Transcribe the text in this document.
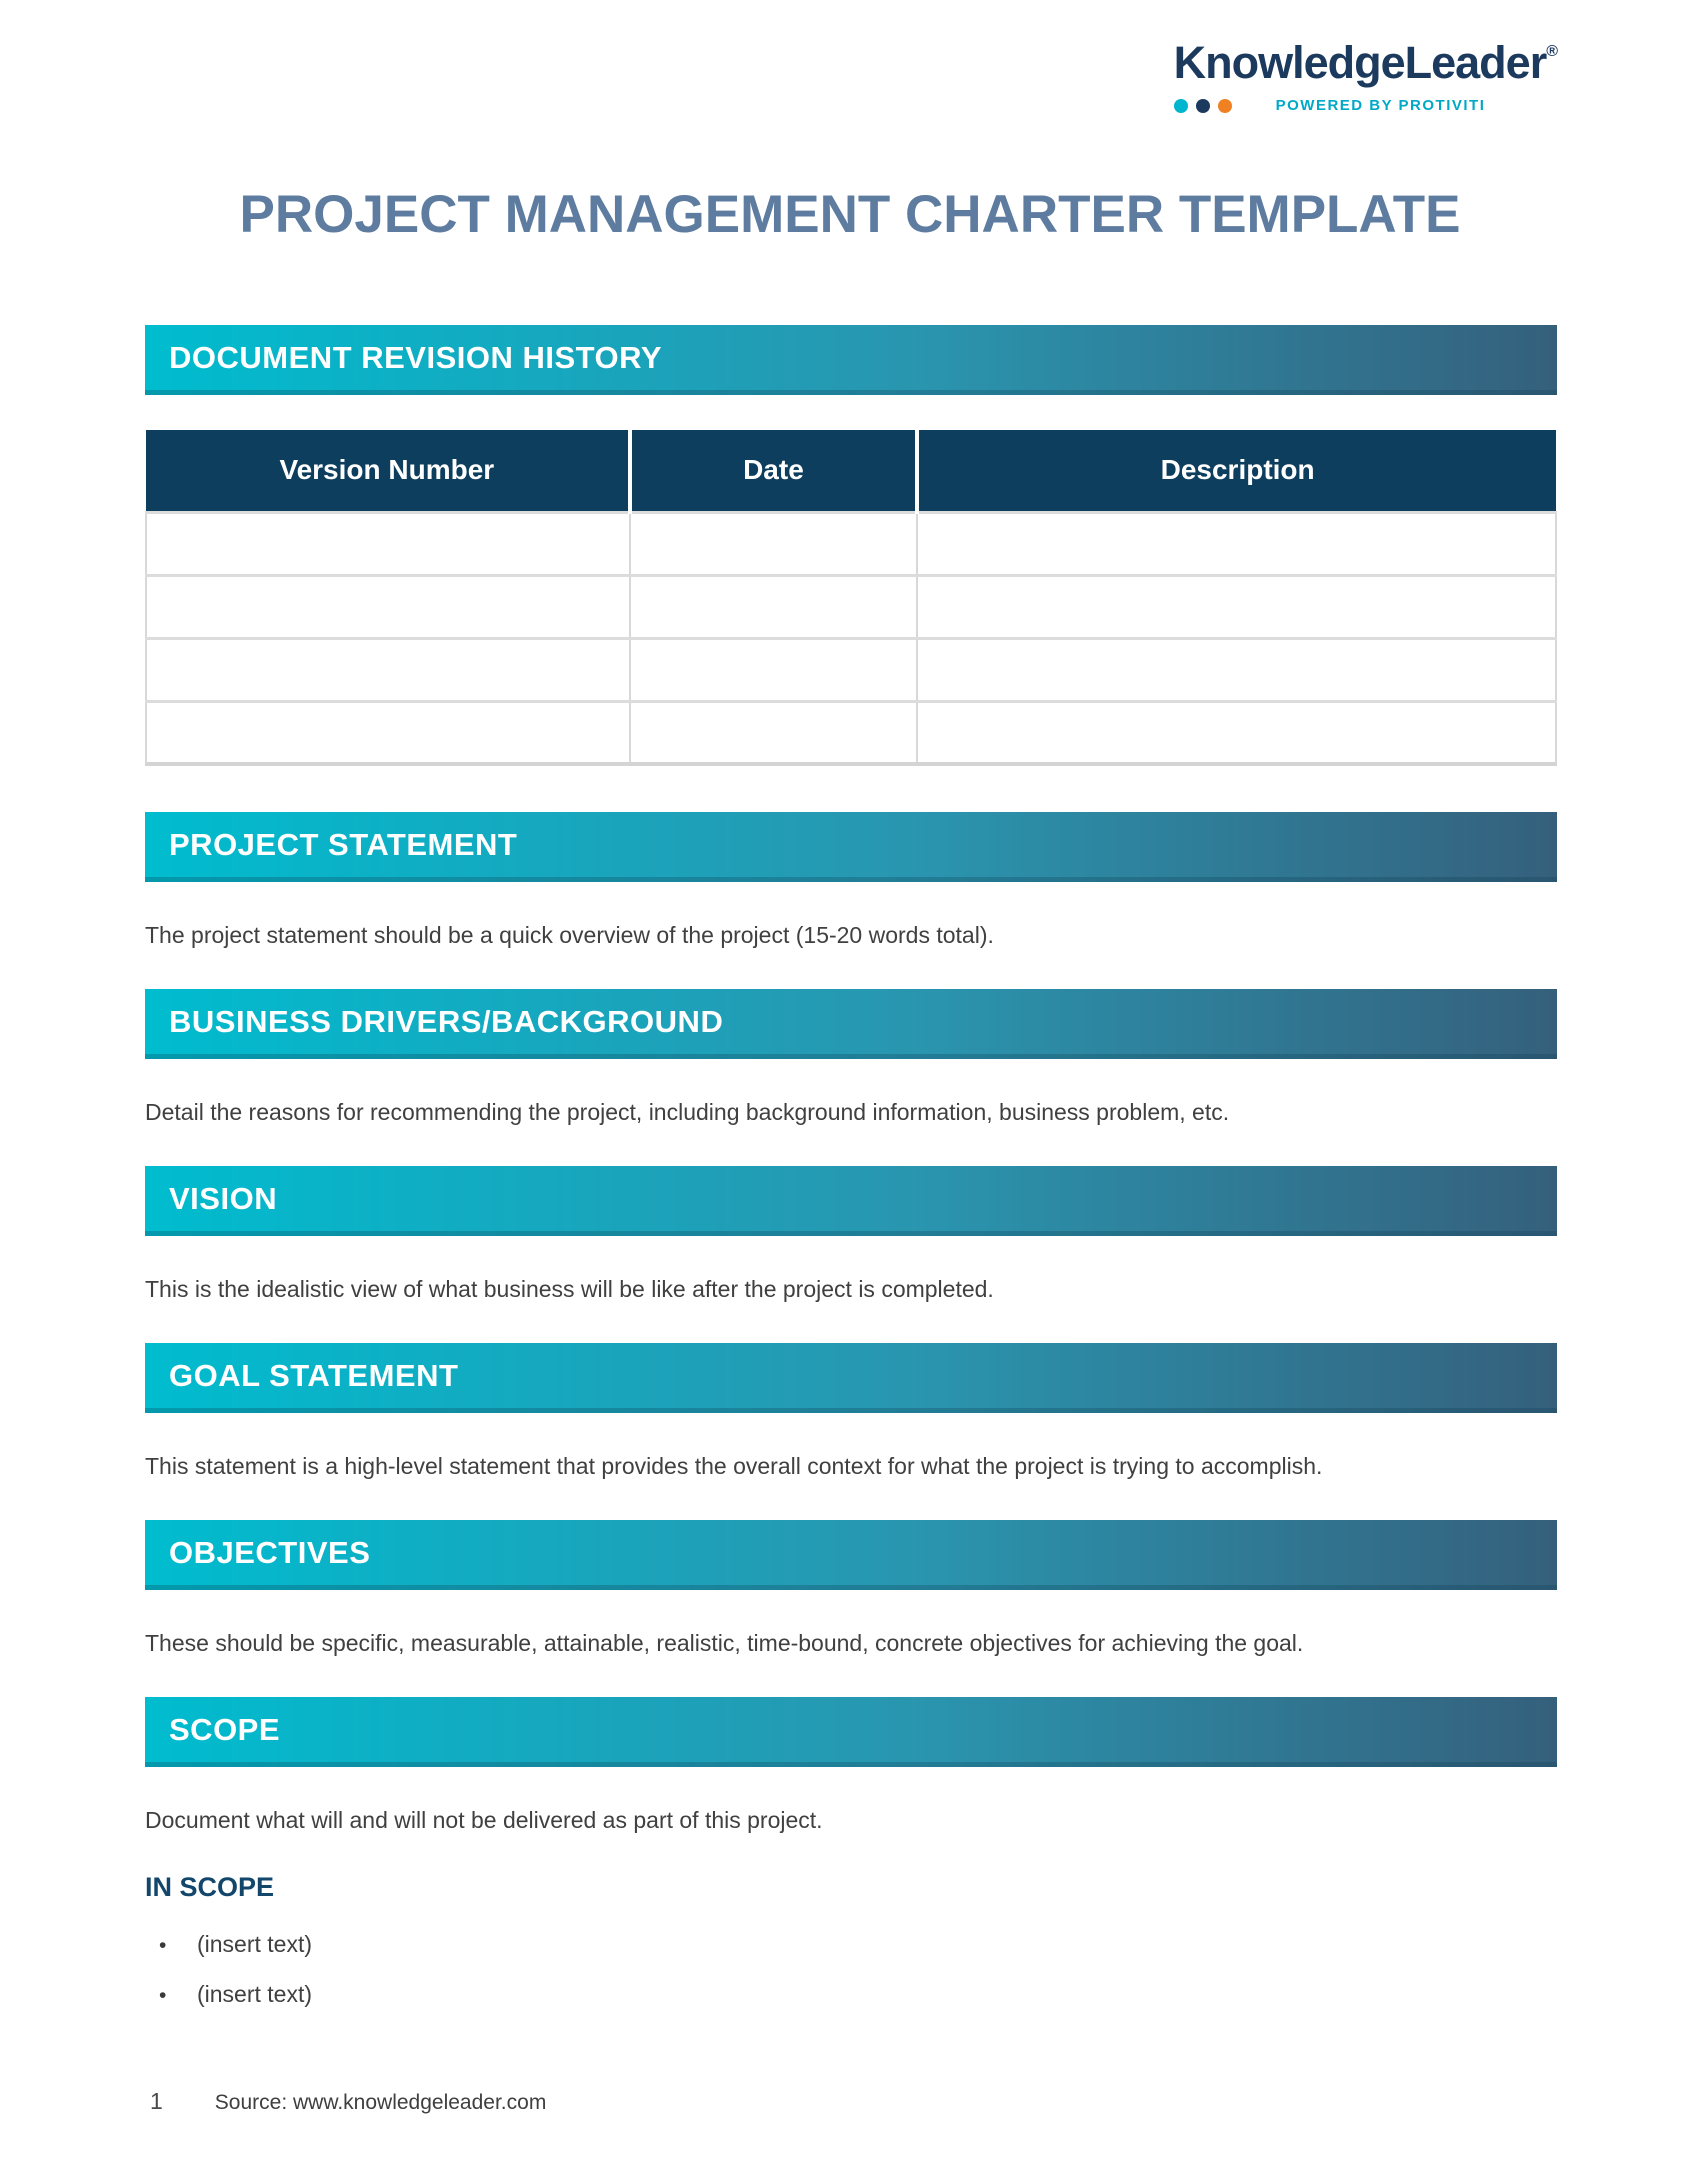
KnowledgeLeader®
POWERED BY PROTIVITI
PROJECT MANAGEMENT CHARTER TEMPLATE
DOCUMENT REVISION HISTORY
Version Number	Date	Description

PROJECT STATEMENT

The project statement should be a quick overview of the project (15-20 words total).

BUSINESS DRIVERS/BACKGROUND

Detail the reasons for recommending the project, including background information, business problem, etc.

VISION

This is the idealistic view of what business will be like after the project is completed.

GOAL STATEMENT

This statement is a high-level statement that provides the overall context for what the project is trying to accomplish.

OBJECTIVES

These should be specific, measurable, attainable, realistic, time-bound, concrete objectives for achieving the goal.

SCOPE

Document what will and will not be delivered as part of this project.

IN SCOPE
•	(insert text)
•	(insert text)
1 Source: www.knowledgeleader.com
